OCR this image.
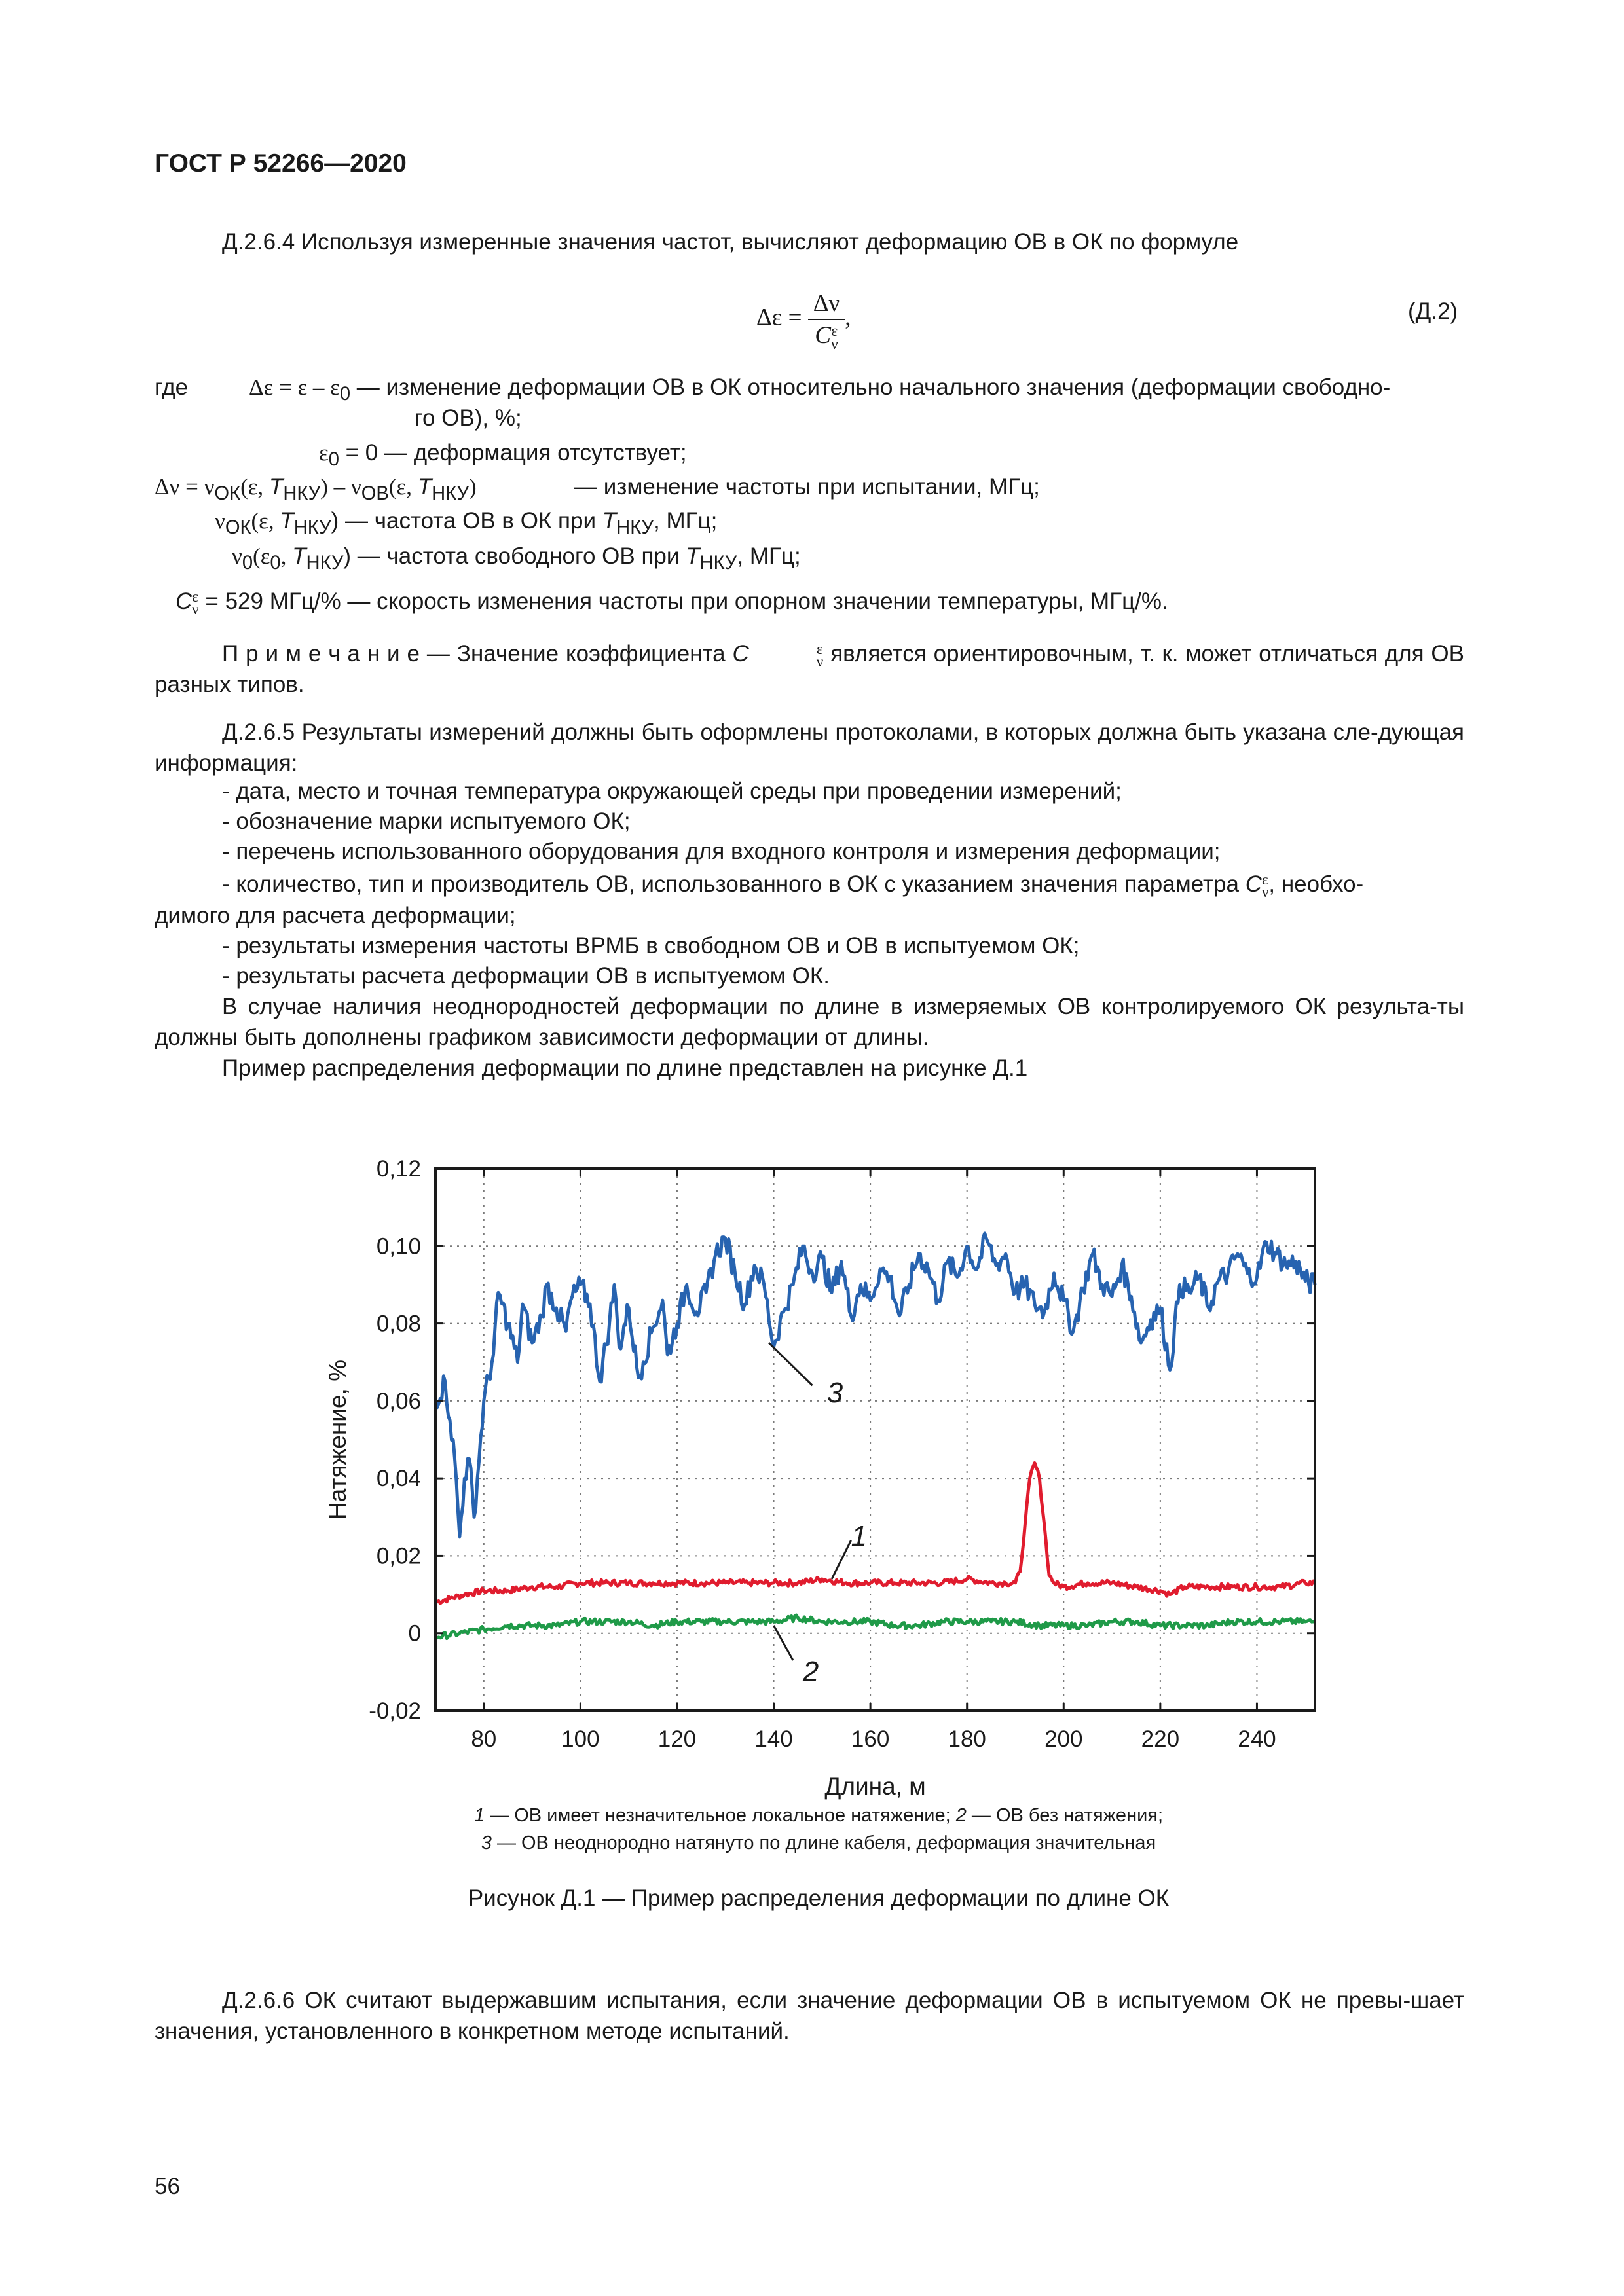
ГОСТ Р 52266—2020
Д.2.6.4 Используя измеренные значения частот, вычисляют деформацию ОВ в ОК по формуле
Δε = Δν
C ε
ν ,	(Д.2)
где	$\Delta\varepsilon = \varepsilon - \varepsilon_0$ — изменение деформации ОВ в ОК относительно начального значения (деформации свободно-
го ОВ), %;
$\varepsilon_0 = 0$ — деформация отсутствует;
$\Delta\nu = \nu_{ОК}(\varepsilon$, $T_{НКУ}) - \nu_{ОВ}(\varepsilon$, $T_{НКУ}$)	— изменение частоты при испытании, МГц;
$\nu_{ОК}(\varepsilon$, $T_{НКУ}$) — частота ОВ в ОК при $T_{НКУ}$, МГц;
$\nu_0(\varepsilon_0$, $T_{НКУ}$) — частота свободного ОВ при $T_{НКУ}$, МГц;
C ε
ν = 529 МГц/% — скорость изменения частоты при опорном значении температуры, МГц/%.
П р и м е ч а н и е — Значение коэффициента C	ε
ν является ориентировочным, т. к. может отличаться для ОВ разных типов.
Д.2.6.5 Результаты измерений должны быть оформлены протоколами, в которых должна быть указана сле-дующая информация:
- дата, место и точная температура окружающей среды при проведении измерений;
- обозначение марки испытуемого ОК;
- перечень использованного оборудования для входного контроля и измерения деформации;
- количество, тип и производитель ОВ, использованного в ОК с указанием значения параметра C ε
ν , необхо-
димого для расчета деформации;
- результаты измерения частоты ВРМБ в свободном ОВ и ОВ в испытуемом ОК;
- результаты расчета деформации ОВ в испытуемом ОК.
В случае наличия неоднородностей деформации по длине в измеряемых ОВ контролируемого ОК результа-ты должны быть дополнены графиком зависимости деформации от длины.
Пример распределения деформации по длине представлен на рисунке Д.1
80	100	120	140	160	180	200	220	240
0,12
0,10
0,08
0,06
0,04
0,02
0
-0,02
Длина, м
Натяжение, %
1
2
3
1 — ОВ имеет незначительное локальное натяжение; 2 — ОВ без натяжения;
3 — ОВ неоднородно натянуто по длине кабеля, деформация значительная
Рисунок Д.1 — Пример распределения деформации по длине ОК
Д.2.6.6 ОК считают выдержавшим испытания, если значение деформации ОВ в испытуемом ОК не превы-шает значения, установленного в конкретном методе испытаний.
56
